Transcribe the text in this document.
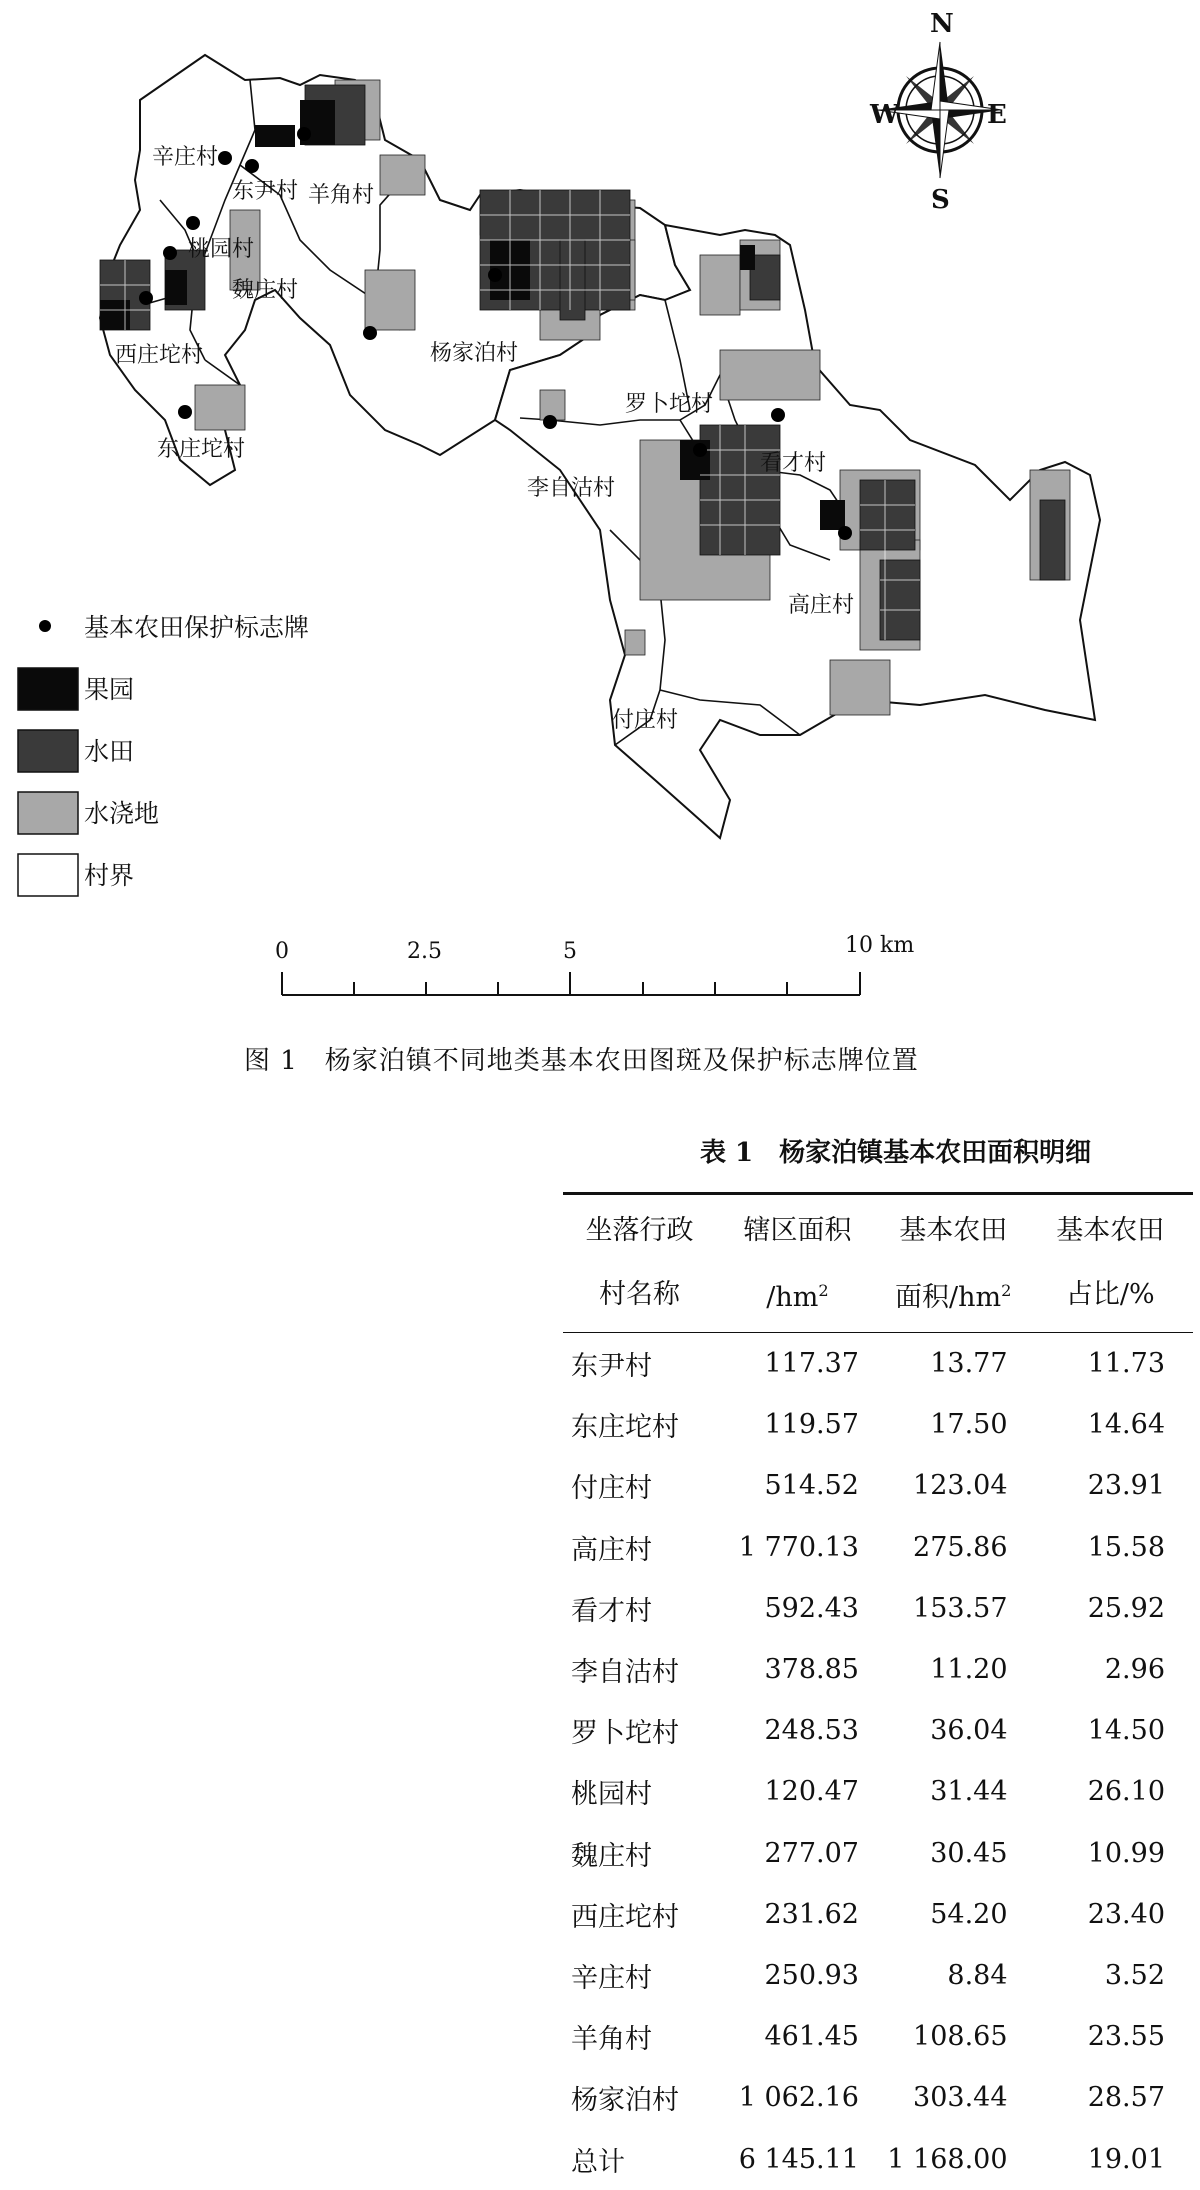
辛庄村
东尹村 羊角村
桃园村
魏庄村
西庄坨村
东庄坨村
杨家泊村
罗卜坨村
看才村
李自沽村
高庄村
付庄村
N
S
E
W
基本农田保护标志牌
果园
水田
水浇地
村界
0	2.5	5	10 km
图 1　杨家泊镇不同地类基本农田图斑及保护标志牌位置
表 1　杨家泊镇基本农田面积明细
坐落行政	辖区面积	基本农田	基本农田
村名称	$/hm^2$	面积$/hm^2$	占比/%
东尹村	117.37	13.77	11.73
东庄坨村	119.57	17.50	14.64
付庄村	514.52	123.04	23.91
高庄村	1 770.13	275.86	15.58
看才村	592.43	153.57	25.92
李自沽村	378.85	11.20	2.96
罗卜坨村	248.53	36.04	14.50
桃园村	120.47	31.44	26.10
魏庄村	277.07	30.45	10.99
西庄坨村	231.62	54.20	23.40
辛庄村	250.93	8.84	3.52
羊角村	461.45	108.65	23.55
杨家泊村	1 062.16	303.44	28.57
总计	6 145.11	1 168.00	19.01
